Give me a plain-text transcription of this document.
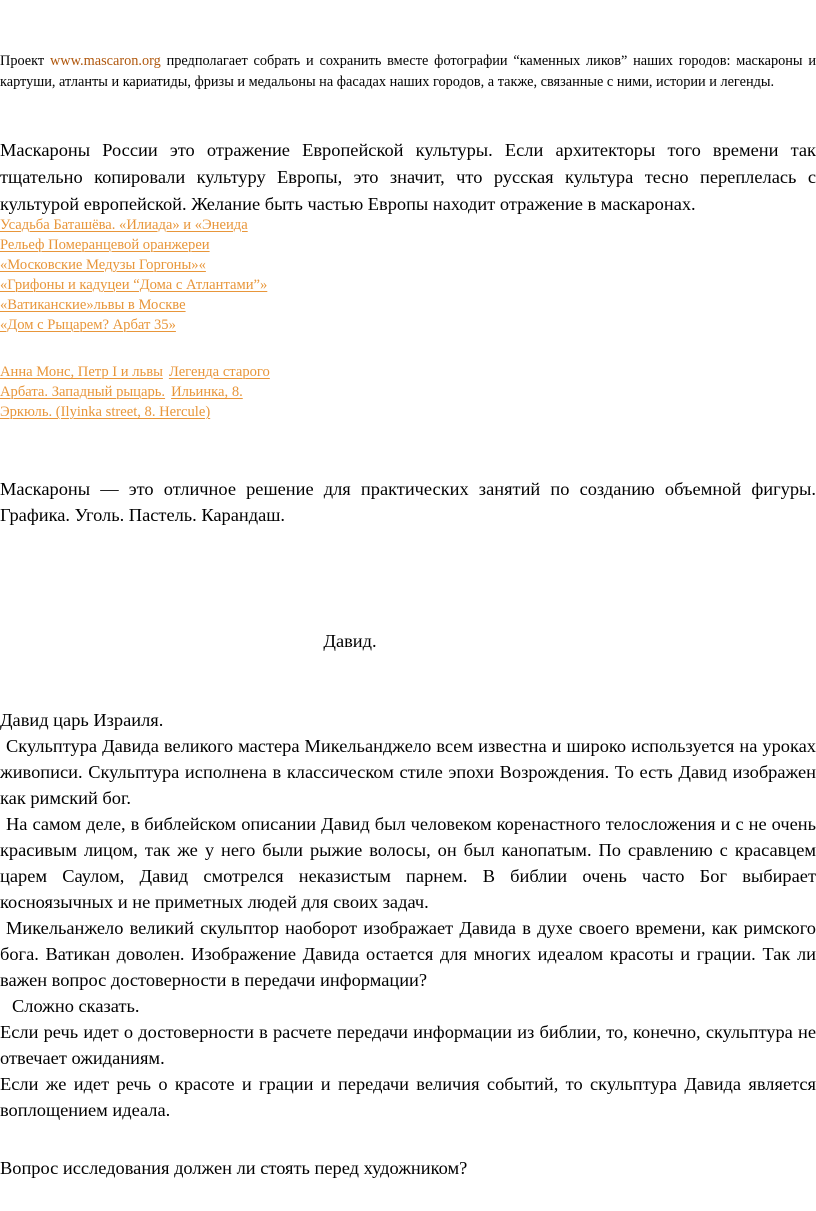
Проект www.mascaron.org предполагает собрать и сохранить вместе фотографии “каменных ликов” наших городов: маскароны и картуши, атланты и кариатиды, фризы и медальоны на фасадах наших городов, а также, связанные с ними, истории и легенды.

Маскароны России это отражение Европейской культуры. Если архитекторы того времени так тщательно копировали культуру Европы, это значит, что русская культура тесно переплелась с культурой европейской. Желание быть частью Европы находит отражение в маскаронах.

Усадьба Баташёва. «Илиада» и «Энеида
Рельеф Померанцевой оранжереи
«Московские Медузы Горгоны»«
«Грифоны и кадуцеи “Дома с Атлантами”»
«Ватиканские»львы в Москве
«Дом с Рыцарем? Арбат 35»
Анна Монс, Петр I и львы Легенда старого
Арбата. Западный рыцарь. Ильинка, 8.
Эркюль. (Ilyinka street, 8. Hercule)

Маскароны — это отличное решение для практических занятий по созданию объемной фигуры. Графика. Уголь. Пастель. Карандаш.

Давид.

Давид царь Израиля.

Скульптура Давида великого мастера Микельанджело всем известна и широко используется на уроках живописи. Скульптура исполнена в классическом стиле эпохи Возрождения. То есть Давид изображен как римский бог.

На самом деле, в библейском описании Давид был человеком коренастного телосложения и с не очень красивым лицом, так же у него были рыжие волосы, он был канопатым. По сравлению с красавцем царем Саулом, Давид смотрелся неказистым парнем. В библии очень часто Бог выбирает косноязычных и не приметных людей для своих задач.

Микельанжело великий скульптор наоборот изображает Давида в духе своего времени, как римского бога. Ватикан доволен. Изображение Давида остается для многих идеалом красоты и грации. Так ли важен вопрос достоверности в передачи информации?

Сложно сказать.

Если речь идет о достоверности в расчете передачи информации из библии, то, конечно, скульптура не отвечает ожиданиям.

Если же идет речь о красоте и грации и передачи величия событий, то скульптура Давида является воплощением идеала.

Вопрос исследования должен ли стоять перед художником?
